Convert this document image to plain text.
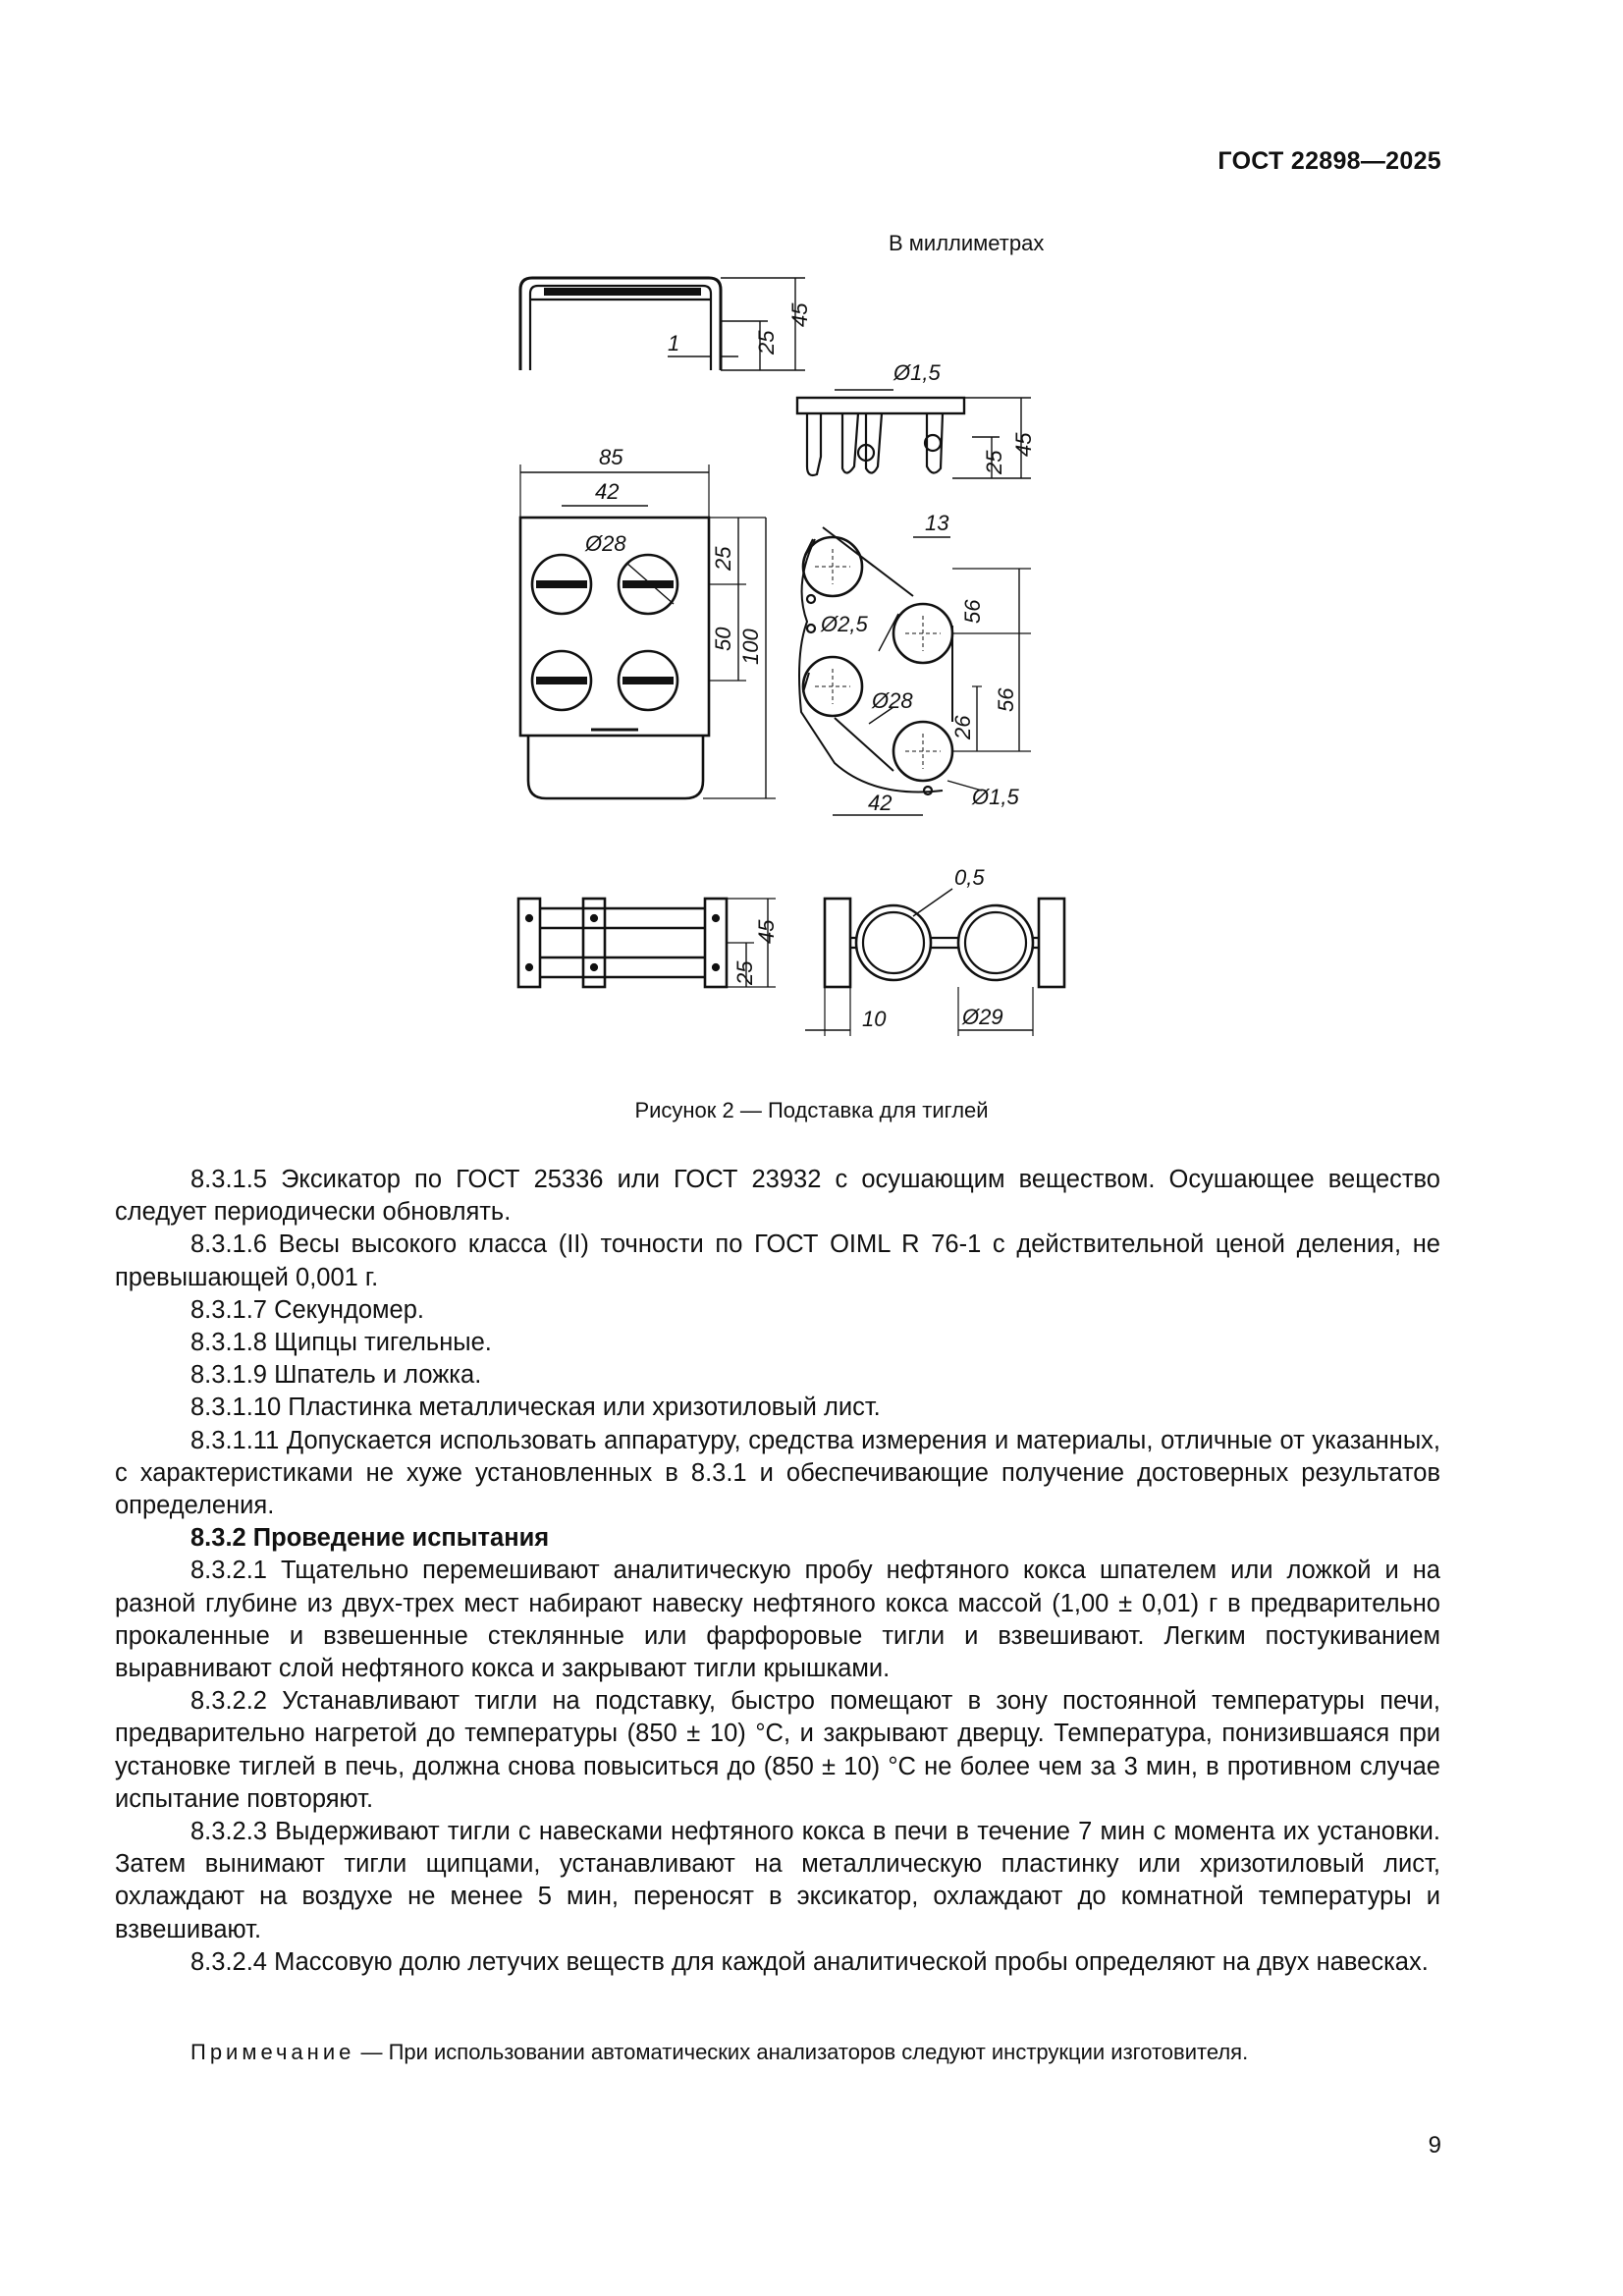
ГОСТ 22898—2025
В миллиметрах
45
25
1
Ø1,5
45
25
85
42
Ø28
25
50 100
13
Ø2,5
Ø28
56
56
26
42	Ø1,5
45
25
0,5
10	Ø29
Рисунок 2 — Подставка для тиглей

8.3.1.5 Эксикатор по ГОСТ 25336 или ГОСТ 23932 с осушающим веществом. Осушающее вещество следует периодически обновлять.

8.3.1.6 Весы высокого класса (II) точности по ГОСТ OIML R 76-1 с действительной ценой деления, не превышающей 0,001 г.

8.3.1.7 Секундомер.

8.3.1.8 Щипцы тигельные.

8.3.1.9 Шпатель и ложка.

8.3.1.10 Пластинка металлическая или хризотиловый лист.

8.3.1.11 Допускается использовать аппаратуру, средства измерения и материалы, отличные от указанных, с характеристиками не хуже установленных в 8.3.1 и обеспечивающие получение достоверных результатов определения.

8.3.2 Проведение испытания

8.3.2.1 Тщательно перемешивают аналитическую пробу нефтяного кокса шпателем или ложкой и на разной глубине из двух-трех мест набирают навеску нефтяного кокса массой (1,00 ± 0,01) г в предварительно прокаленные и взвешенные стеклянные или фарфоровые тигли и взвешивают. Легким постукиванием выравнивают слой нефтяного кокса и закрывают тигли крышками.

8.3.2.2 Устанавливают тигли на подставку, быстро помещают в зону постоянной температуры печи, предварительно нагретой до температуры (850 ± 10) °С, и закрывают дверцу. Температура, понизившаяся при установке тиглей в печь, должна снова повыситься до (850 ± 10) °С не более чем за 3 мин, в противном случае испытание повторяют.

8.3.2.3 Выдерживают тигли с навесками нефтяного кокса в печи в течение 7 мин с момента их установки. Затем вынимают тигли щипцами, устанавливают на металлическую пластинку или хризотиловый лист, охлаждают на воздухе не менее 5 мин, переносят в эксикатор, охлаждают до комнатной температуры и взвешивают.

8.3.2.4 Массовую долю летучих веществ для каждой аналитической пробы определяют на двух навесках.

Примечание — При использовании автоматических анализаторов следуют инструкции изготовителя.
9
